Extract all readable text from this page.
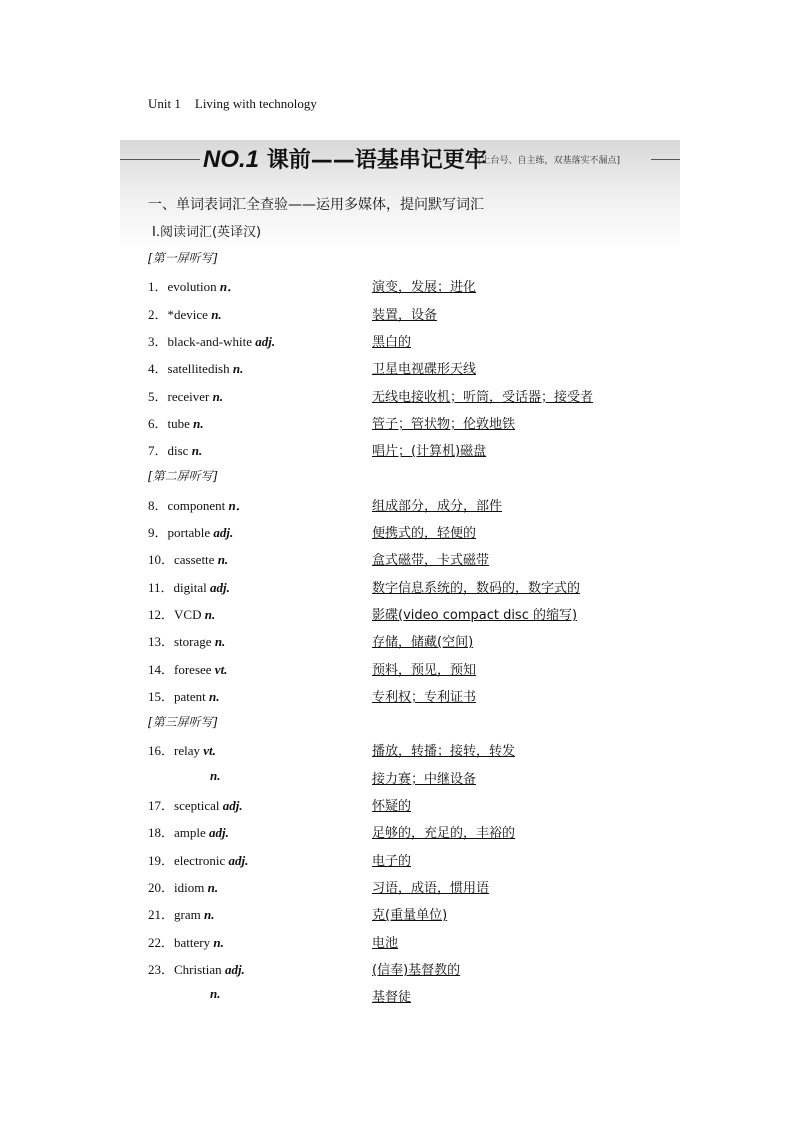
Unit 1 Living with technology
NO.1 课前——语基串记更牢
[上台号、自主练，双基落实不漏点]
一、单词表词汇全查验——运用多媒体，提问默写词汇
Ⅰ.阅读词汇(英译汉)
[第一屏听写]
1．evolution n．	演变，发展；进化
2．*device n.	装置，设备
3．black-and-white adj.	黑白的
4．satellitedish n.	卫星电视碟形天线
5．receiver n.	无线电接收机；听筒，受话器；接受者
6．tube n.	管子；管状物；伦敦地铁
7．disc n.	唱片；(计算机)磁盘
[第二屏听写]
8．component n．	组成部分，成分，部件
9．portable adj.	便携式的，轻便的
10．cassette n.	盒式磁带，卡式磁带
11．digital adj.	数字信息系统的，数码的，数字式的
12．VCD n.	影碟(video compact disc 的缩写)
13．storage n.	存储，储藏(空间)
14．foresee vt.	预料，预见，预知
15．patent n.	专利权；专利证书
[第三屏听写]
16．relay vt.	播放，转播；接转，转发
n.	接力赛；中继设备
17．sceptical adj.	怀疑的
18．ample adj.	足够的，充足的，丰裕的
19．electronic adj.	电子的
20．idiom n.	习语，成语，惯用语
21．gram n.	克(重量单位)
22．battery n.	电池
23．Christian adj.	(信奉)基督教的
n.	基督徒
